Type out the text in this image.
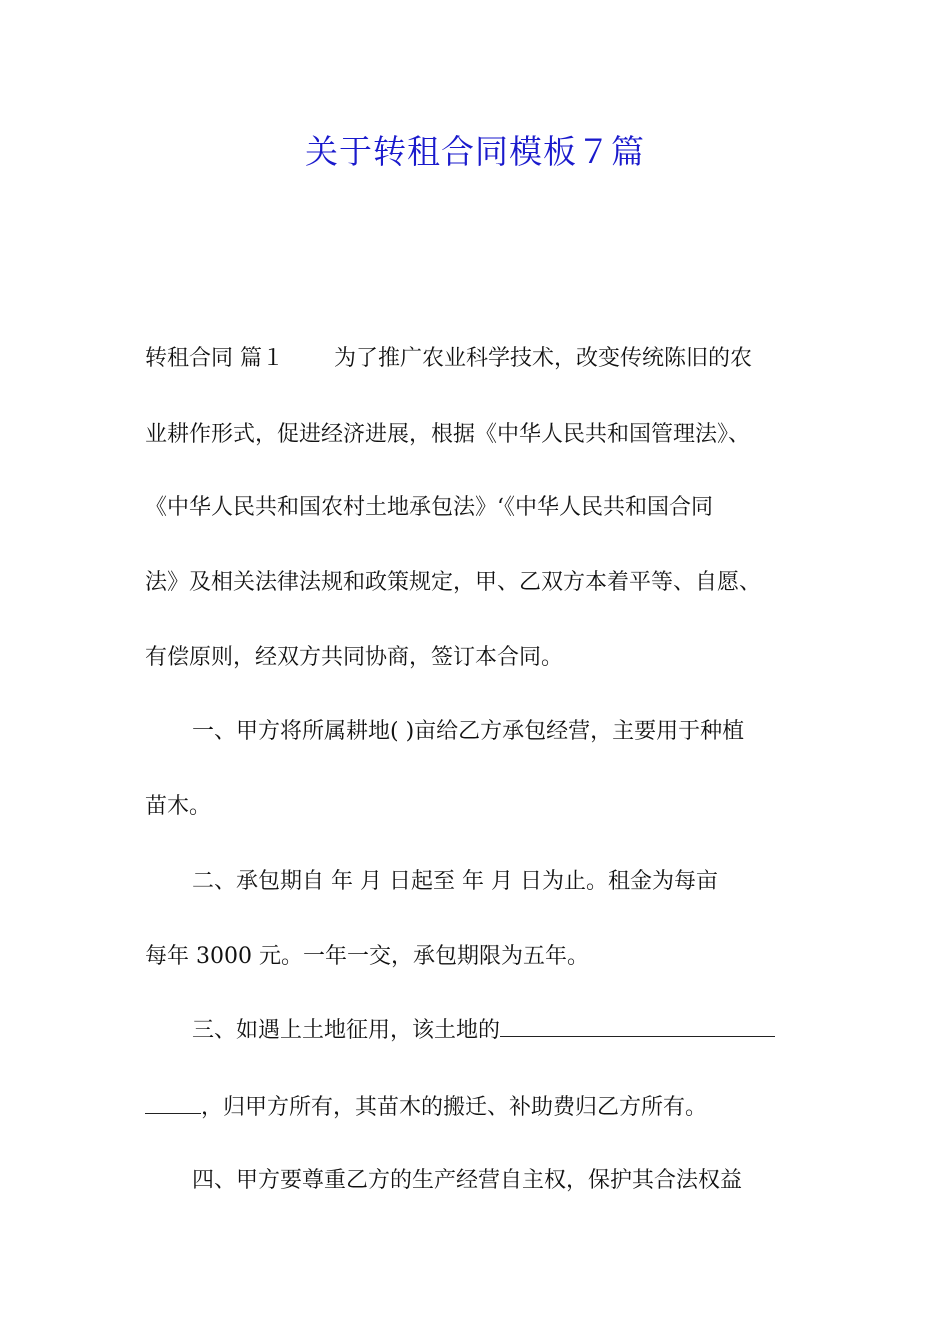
关于转租合同模板７篇
转租合同 篇１ 为了推广农业科学技术，改变传统陈旧的农
业耕作形式，促进经济进展，根据《中华人民共和国管理法》、
《中华人民共和国农村土地承包法》‘《中华人民共和国合同
法》及相关法律法规和政策规定，甲、乙双方本着平等、自愿、
有偿原则，经双方共同协商，签订本合同。
一、甲方将所属耕地( )亩给乙方承包经营，主要用于种植
苗木。
二、承包期自 年 月 日起至 年 月 日为止。租金为每亩
每年 3000 元。一年一交，承包期限为五年。
三、如遇上土地征用，该土地的
，归甲方所有，其苗木的搬迁、补助费归乙方所有。
四、甲方要尊重乙方的生产经营自主权，保护其合法权益
